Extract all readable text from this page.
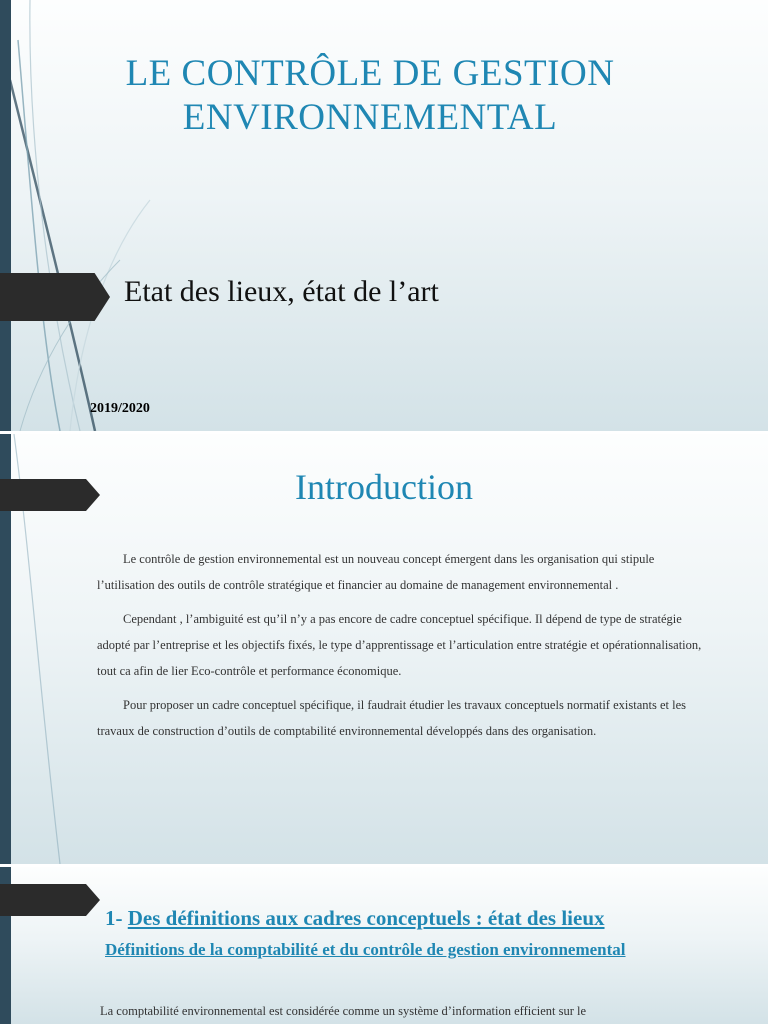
LE CONTRÔLE DE GESTION ENVIRONNEMENTAL

Etat des lieux, état de l’art

2019/2020
Introduction

Le contrôle de gestion environnemental est un nouveau concept émergent dans les organisation qui stipule l’utilisation des outils de contrôle stratégique et financier au domaine de management environnemental .

Cependant , l’ambiguité est qu’il n’y a pas encore de cadre conceptuel spécifique. Il dépend de type de stratégie adopté par l’entreprise et les objectifs fixés, le type d’apprentissage et l’articulation entre stratégie et opérationnalisation, tout ca afin de lier Eco-contrôle et performance économique.

Pour proposer un cadre conceptuel spécifique, il faudrait étudier les travaux conceptuels normatif existants et les travaux de construction d’outils de comptabilité environnemental développés dans des organisation.

1- Des définitions aux cadres conceptuels : état des lieux
Définitions de la comptabilité et du contrôle de gestion environnemental

La comptabilité environnemental est considérée comme un système d’information efficient sur le
